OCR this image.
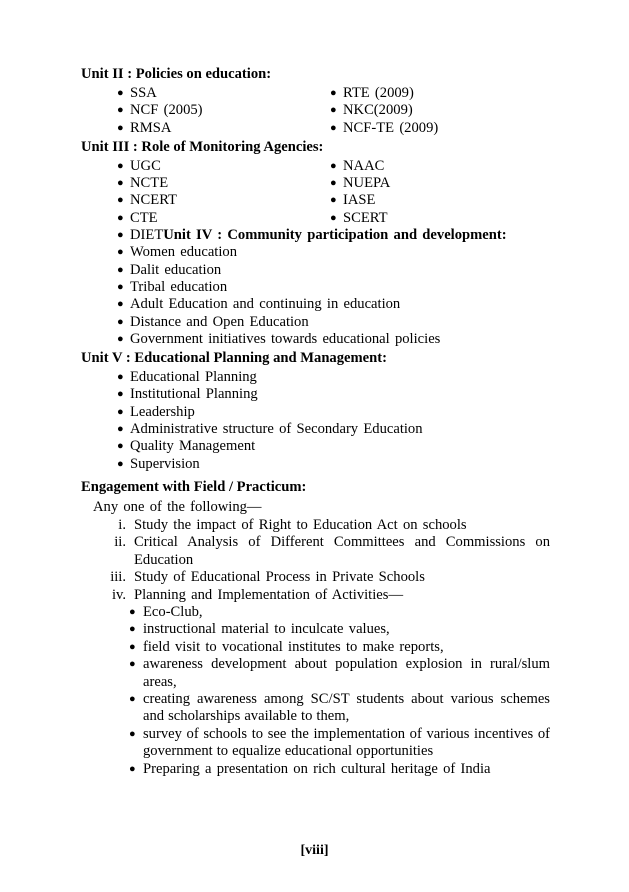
Unit II : Policies on education:
● SSA
● NCF (2005)
● RMSA
● RTE (2009)
● NKC(2009)
● NCF-TE (2009)
Unit III : Role of Monitoring Agencies:
● UGC
● NCTE
● NCERT
● CTE
● NAAC
● NUEPA
● IASE
● SCERT
● DIETUnit IV : Community participation and development:
● Women education
● Dalit education
● Tribal education
● Adult Education and continuing in education
● Distance and Open Education
● Government initiatives towards educational policies
Unit V : Educational Planning and Management:
● Educational Planning
● Institutional Planning
● Leadership
● Administrative structure of Secondary Education
● Quality Management
● Supervision
Engagement with Field / Practicum:
Any one of the following—
i. Study the impact of Right to Education Act on schools
ii. Critical Analysis of Different Committees and Commissions on Education
iii. Study of Educational Process in Private Schools
iv. Planning and Implementation of Activities—
● Eco-Club,
● instructional material to inculcate values,
● field visit to vocational institutes to make reports,
● awareness development about population explosion in rural/slum areas,
● creating awareness among SC/ST students about various schemes and scholarships available to them,
● survey of schools to see the implementation of various incentives of government to equalize educational opportunities
● Preparing a presentation on rich cultural heritage of India
[viii]
